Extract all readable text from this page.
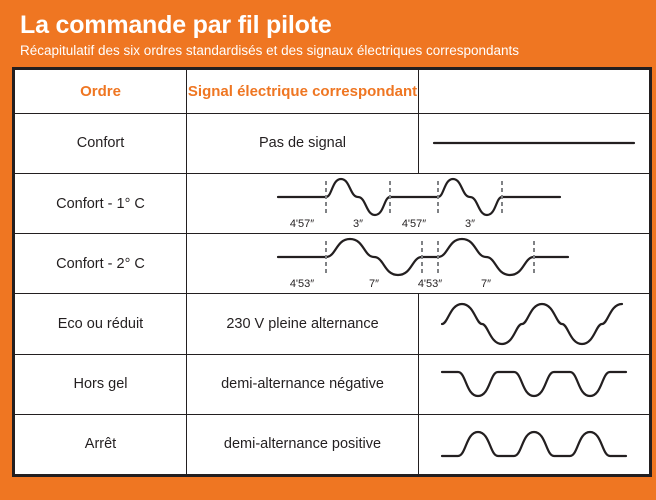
La commande par fil pilote
Récapitulatif des six ordres standardisés et des signaux électriques correspondants
Ordre	Signal électrique correspondant	
Confort	Pas de signal	

Confort - 1° C	4'57″ 3″ 4'57″ 3″	

Confort - 2° C	4'53″ 7″ 4'53″ 7″	

Eco ou réduit	230 V pleine alternance	

Hors gel	demi-alternance négative	

Arrêt	demi-alternance positive	
